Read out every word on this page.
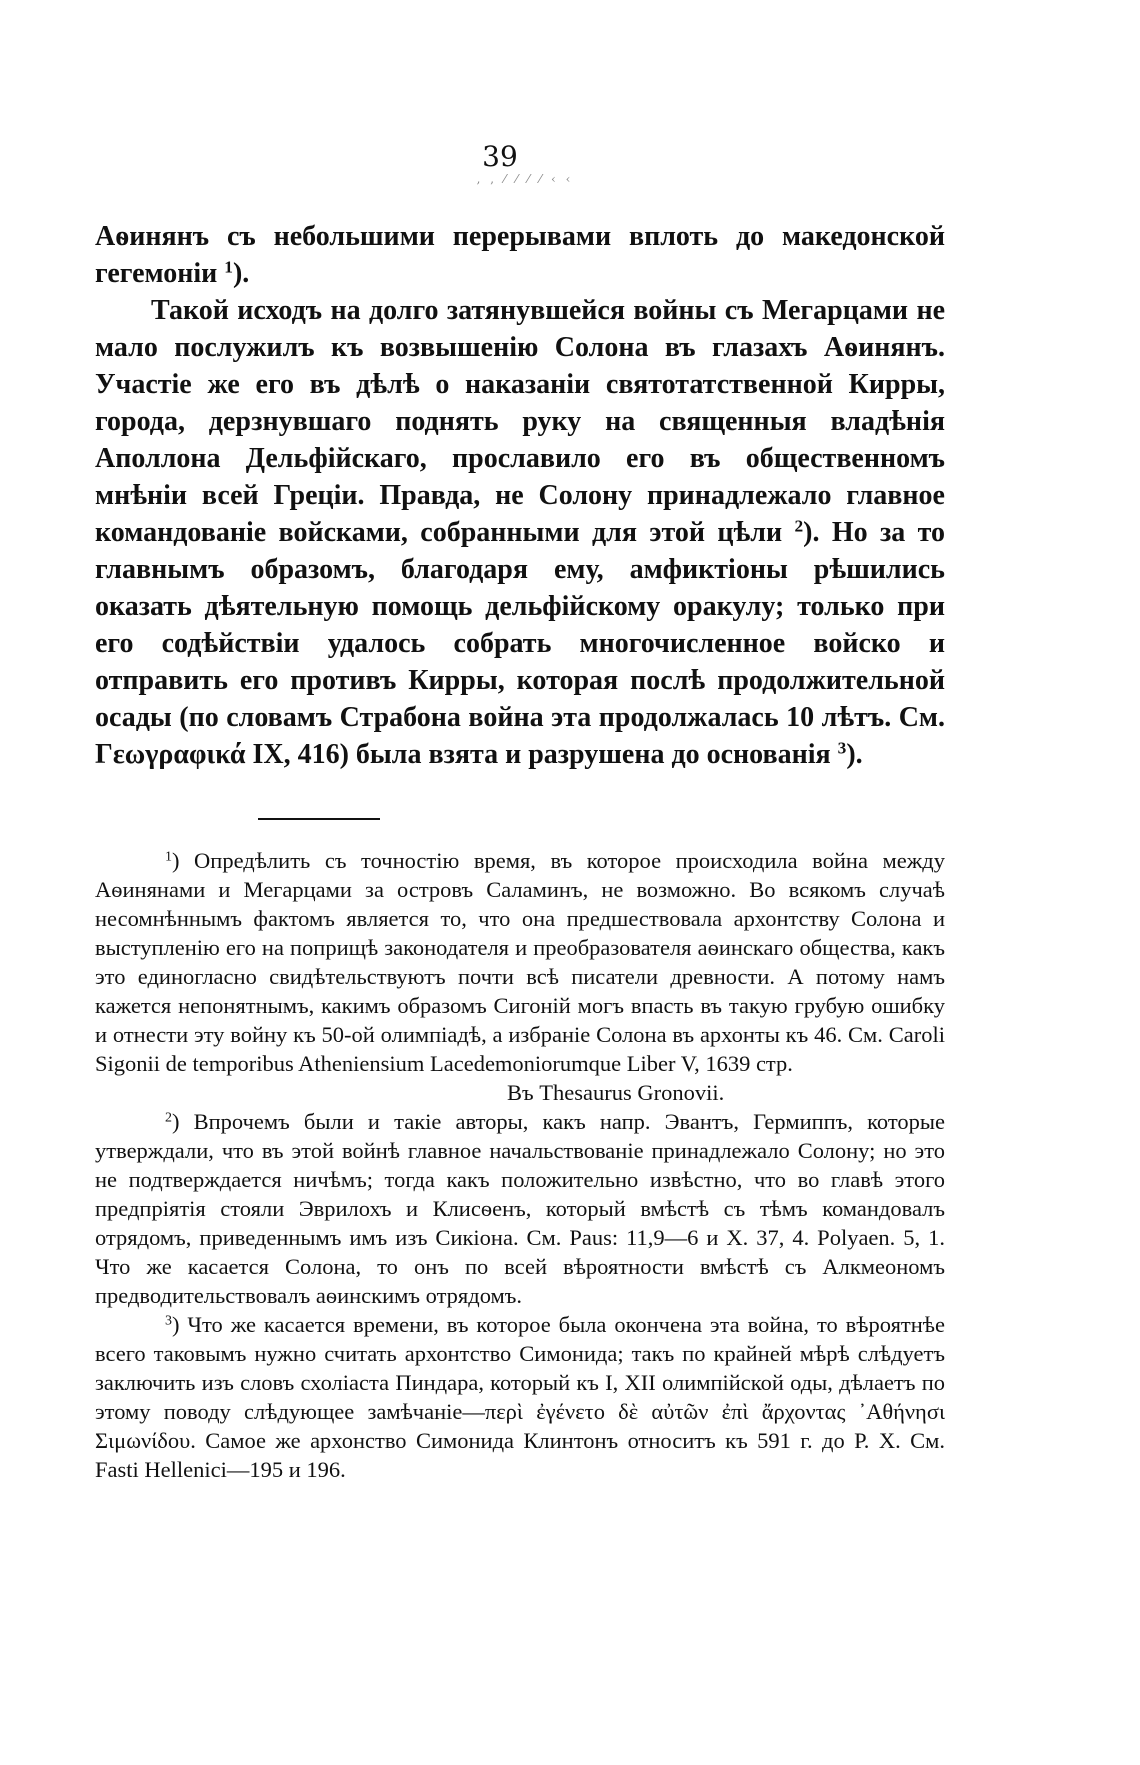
39
‚ ‚ ⁄ ⁄ ⁄ ⁄ ‹ ‹

Аѳинянъ съ небольшими перерывами вплоть до македонской гегемоніи $^1$).

Такой исходъ на долго затянувшейся войны съ Мегарцами не мало послужилъ къ возвышенію Солона въ глазахъ Аѳинянъ. Участіе же его въ дѣлѣ о наказаніи святотатственной Кирры, города, дерзнувшаго поднять руку на священныя владѣнія Аполлона Дельфійскаго, прославило его въ общественномъ мнѣніи всей Греціи. Правда, не Солону принадлежало главное командованіе войсками, собранными для этой цѣли $^2$). Но за то главнымъ образомъ, благодаря ему, амфиктіоны рѣшились оказать дѣятельную помощь дельфійскому оракулу; только при его содѣйствіи удалось собрать многочисленное войско и отправить его противъ Кирры, которая послѣ продолжительной осады (по словамъ Страбона война эта продолжалась 10 лѣтъ. См. Γεωγραφικά IX, 416) была взята и разрушена до основанія $^3$).

$^1$) Опредѣлить съ точностію время, въ которое происходила война между Аѳинянами и Мегарцами за островъ Саламинъ, не возможно. Во всякомъ случаѣ несомнѣннымъ фактомъ является то, что она предшествовала архонтству Солона и выступленію его на поприщѣ законодателя и преобразователя аѳинскаго общества, какъ это единогласно свидѣтельствуютъ почти всѣ писатели древности. А потому намъ кажется непонятнымъ, какимъ образомъ Сигоній могъ впасть въ такую грубую ошибку и отнести эту войну къ 50-ой олимпіадѣ, а избраніе Солона въ архонты къ 46. См. Caroli Sigonii de temporibus Atheniensium Lacedemoniorumque Liber V, 1639 стр.

Въ Thesaurus Gronovii.

$^2$) Впрочемъ были и такіе авторы, какъ напр. Эвантъ, Гермиппъ, которые утверждали, что въ этой войнѣ главное начальствованіе принадлежало Солону; но это не подтверждается ничѣмъ; тогда какъ положительно извѣстно, что во главѣ этого предпріятія стояли Эврилохъ и Клисѳенъ, который вмѣстѣ съ тѣмъ командовалъ отрядомъ, приведеннымъ имъ изъ Сикіона. См. Paus: 11,9—6 и X. 37, 4. Polyaen. 5, 1. Что же касается Солона, то онъ по всей вѣроятности вмѣстѣ съ Алкмеономъ предводительствовалъ аѳинскимъ отрядомъ.

$^3$) Что же касается времени, въ которое была окончена эта война, то вѣроятнѣе всего таковымъ нужно считать архонтство Симонида; такъ по крайней мѣрѣ слѣдуетъ заключить изъ словъ схоліаста Пиндара, который къ I, XII олимпійской оды, дѣлаетъ по этому поводу слѣдующее замѣчаніе—περὶ ἐγένετο δὲ αὐτῶν ἐπὶ ἄρχοντας ᾿Αθήνησι Σιμωνίδου. Самое же архонство Симонида Клинтонъ относитъ къ 591 г. до Р. Х. См. Fasti Hellenici—195 и 196.
